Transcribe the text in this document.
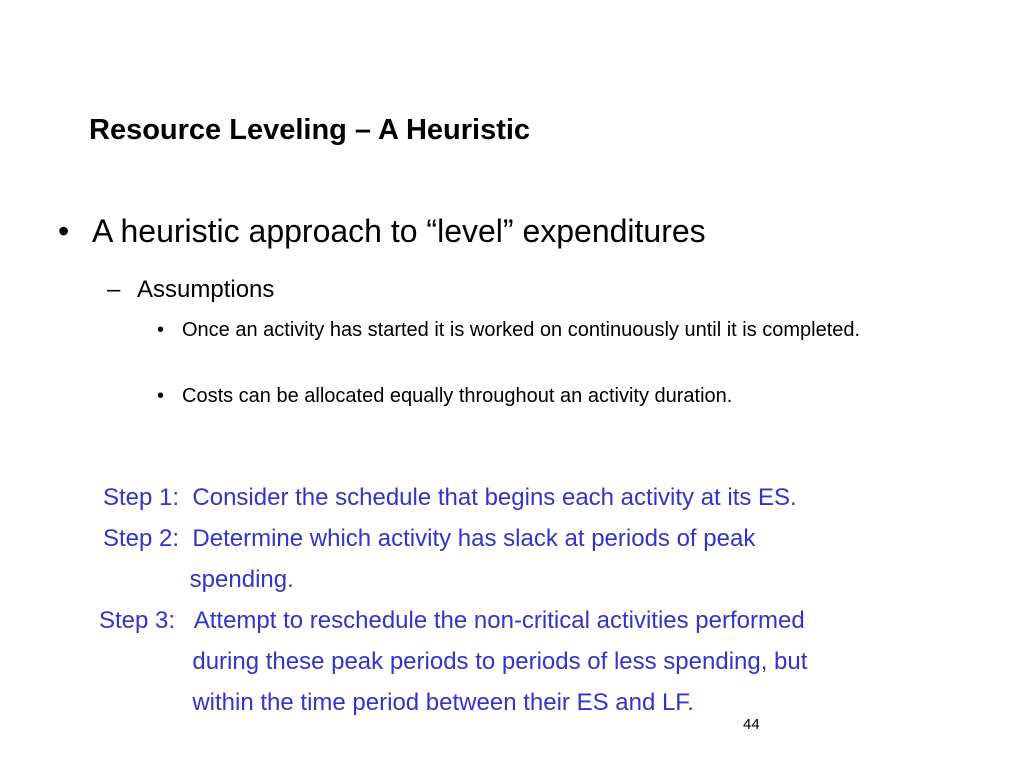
Resource Leveling – A Heuristic
• A heuristic approach to “level” expenditures
– Assumptions
• Once an activity has started it is worked on continuously until it is completed.
• Costs can be allocated equally throughout an activity duration.
Step 1:  Consider the schedule that begins each activity at its ES.
Step 2:  Determine which activity has slack at periods of peak
spending.
Step 3:   Attempt to reschedule the non-critical activities performed
during these peak periods to periods of less spending, but
within the time period between their ES and LF.
44
